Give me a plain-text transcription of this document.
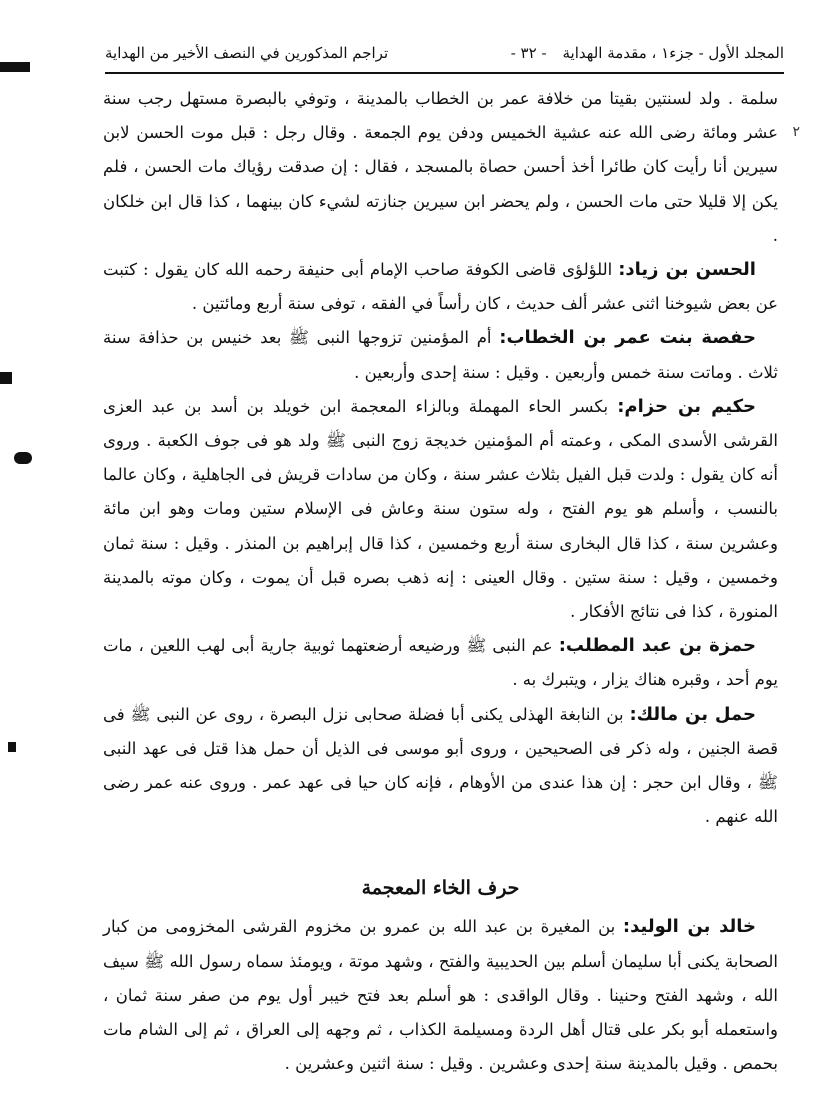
٢
المجلد الأول - جزء١ ، مقدمة الهداية
- ٣٢ -
تراجم المذكورين في النصف الأخير من الهداية

سلمة . ولد لسنتين بقيتا من خلافة عمر بن الخطاب بالمدينة ، وتوفي بالبصرة مستهل رجب سنة عشر ومائة رضى الله عنه عشية الخميس ودفن يوم الجمعة . وقال رجل : قبل موت الحسن لابن سيرين أنا رأيت كان طائرا أخذ أحسن حصاة بالمسجد ، فقال : إن صدقت رؤياك مات الحسن ، فلم يكن إلا قليلا حتى مات الحسن ، ولم يحضر ابن سيرين جنازته لشيء كان بينهما ، كذا قال ابن خلكان .

الحسن بن زياد: اللؤلؤى قاضى الكوفة صاحب الإمام أبى حنيفة رحمه الله كان يقول : كتبت عن بعض شيوخنا اثنى عشر ألف حديث ، كان رأساً في الفقه ، توفى سنة أربع ومائتين .

حفصة بنت عمر بن الخطاب: أم المؤمنين تزوجها النبى ﷺ بعد خنيس بن حذافة سنة ثلاث . وماتت سنة خمس وأربعين . وقيل : سنة إحدى وأربعين .

حكيم بن حزام: بكسر الحاء المهملة وبالزاء المعجمة ابن خويلد بن أسد بن عبد العزى القرشى الأسدى المكى ، وعمته أم المؤمنين خديجة زوج النبى ﷺ ولد هو فى جوف الكعبة . وروى أنه كان يقول : ولدت قبل الفيل بثلاث عشر سنة ، وكان من سادات قريش فى الجاهلية ، وكان عالما بالنسب ، وأسلم هو يوم الفتح ، وله ستون سنة وعاش فى الإسلام ستين ومات وهو ابن مائة وعشرين سنة ، كذا قال البخارى سنة أربع وخمسين ، كذا قال إبراهيم بن المنذر . وقيل : سنة ثمان وخمسين ، وقيل : سنة ستين . وقال العينى : إنه ذهب بصره قبل أن يموت ، وكان موته بالمدينة المنورة ، كذا فى نتائج الأفكار .

حمزة بن عبد المطلب: عم النبى ﷺ ورضيعه أرضعتهما ثوبية جارية أبى لهب اللعين ، مات يوم أحد ، وقبره هناك يزار ، ويتبرك به .

حمل بن مالك: بن النابغة الهذلى يكنى أبا فضلة صحابى نزل البصرة ، روى عن النبى ﷺ فى قصة الجنين ، وله ذكر فى الصحيحين ، وروى أبو موسى فى الذيل أن حمل هذا قتل فى عهد النبى ﷺ ، وقال ابن حجر : إن هذا عندى من الأوهام ، فإنه كان حيا فى عهد عمر . وروى عنه عمر رضى الله عنهم .

حرف الخاء المعجمة

خالد بن الوليد: بن المغيرة بن عبد الله بن عمرو بن مخزوم القرشى المخزومى من كبار الصحابة يكنى أبا سليمان أسلم بين الحديبية والفتح ، وشهد موتة ، ويومئذ سماه رسول الله ﷺ سيف الله ، وشهد الفتح وحنينا . وقال الواقدى : هو أسلم بعد فتح خيبر أول يوم من صفر سنة ثمان ، واستعمله أبو بكر على قتال أهل الردة ومسيلمة الكذاب ، ثم وجهه إلى العراق ، ثم إلى الشام مات بحمص . وقيل بالمدينة سنة إحدى وعشرين . وقيل : سنة اثنين وعشرين .
